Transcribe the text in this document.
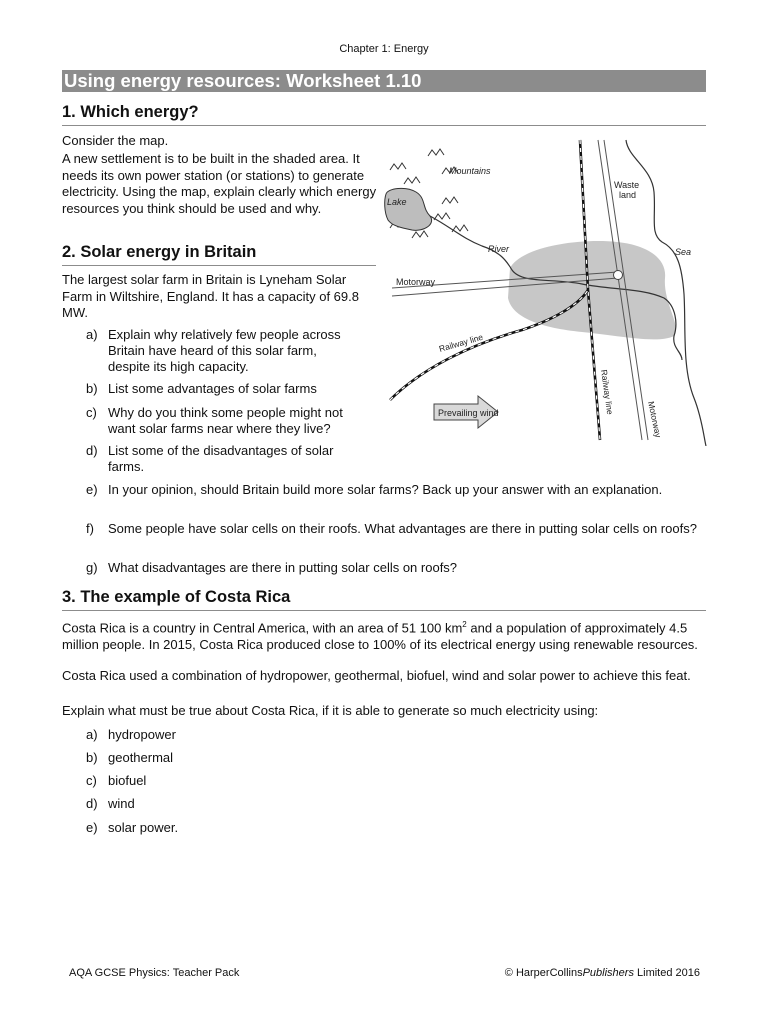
Chapter 1: Energy
Using energy resources: Worksheet 1.10
1. Which energy?
Consider the map.
A new settlement is to be built in the shaded area. It needs its own power station (or stations) to generate electricity. Using the map, explain clearly which energy resources you think should be used and why.
Mountains
Lake
Waste
land
River	Sea
Motorway
Railway line
Railway line
Motorway
Prevailing wind
2. Solar energy in Britain
The largest solar farm in Britain is Lyneham Solar Farm in Wiltshire, England. It has a capacity of 69.8 MW.
a) Explain why relatively few people across Britain have heard of this solar farm, despite its high capacity.
b) List some advantages of solar farms
c) Why do you think some people might not want solar farms near where they live?
d) List some of the disadvantages of solar farms.
e) In your opinion, should Britain build more solar farms? Back up your answer with an explanation.
f) Some people have solar cells on their roofs. What advantages are there in putting solar cells on roofs?
g) What disadvantages are there in putting solar cells on roofs?
3. The example of Costa Rica
Costa Rica is a country in Central America, with an area of 51 100 $km^2$ and a population of approximately 4.5 million people. In 2015, Costa Rica produced close to 100% of its electrical energy using renewable resources.
Costa Rica used a combination of hydropower, geothermal, biofuel, wind and solar power to achieve this feat.
Explain what must be true about Costa Rica, if it is able to generate so much electricity using:
a) hydropower
b) geothermal
c) biofuel
d) wind
e) solar power.
AQA GCSE Physics: Teacher Pack	© HarperCollinsPublishers Limited 2016
